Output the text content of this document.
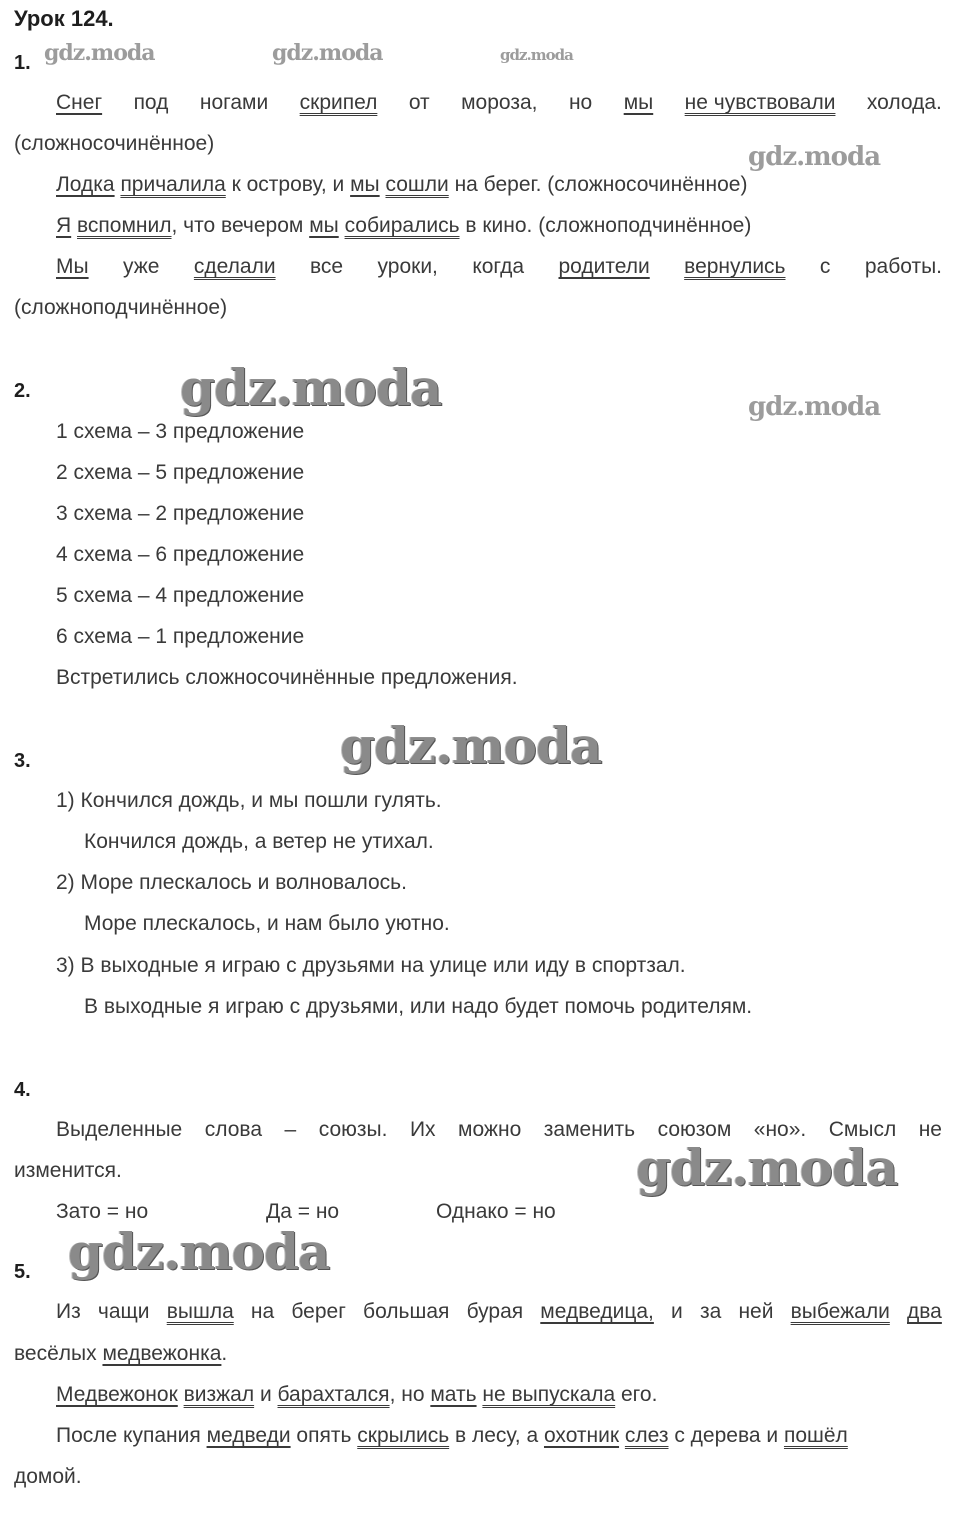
Урок 124.
gdz.moda	gdz.moda	gdz.moda
gdz.moda
gdz.moda	gdz.moda
gdz.moda
gdz.moda
gdz.moda
1.
Снег под ногами скрипел от мороза, но мы не чувствовали холода.
(сложносочинённое)
Лодка причалила к острову, и мы сошли на берег. (сложносочинённое)
Я вспомнил, что вечером мы собирались в кино. (сложноподчинённое)
Мы уже сделали все уроки, когда родители вернулись с работы.
(сложноподчинённое)
2.
1 схема – 3 предложение
2 схема – 5 предложение
3 схема – 2 предложение
4 схема – 6 предложение
5 схема – 4 предложение
6 схема – 1 предложение
Встретились сложносочинённые предложения.
3.
1) Кончился дождь, и мы пошли гулять.
Кончился дождь, а ветер не утихал.
2) Море плескалось и волновалось.
Море плескалось, и нам было уютно.
3) В выходные я играю с друзьями на улице или иду в спортзал.
В выходные я играю с друзьями, или надо будет помочь родителям.
4.
Выделенные слова – союзы. Их можно заменить союзом «но». Смысл не
изменится.
Зато = но	Да = но	Однако = но
5.
Из чащи вышла на берег большая бурая медведица, и за ней выбежали два
весёлых медвежонка.
Медвежонок визжал и барахтался, но мать не выпускала его.
После купания медведи опять скрылись в лесу, а охотник слез с дерева и пошёл
домой.
